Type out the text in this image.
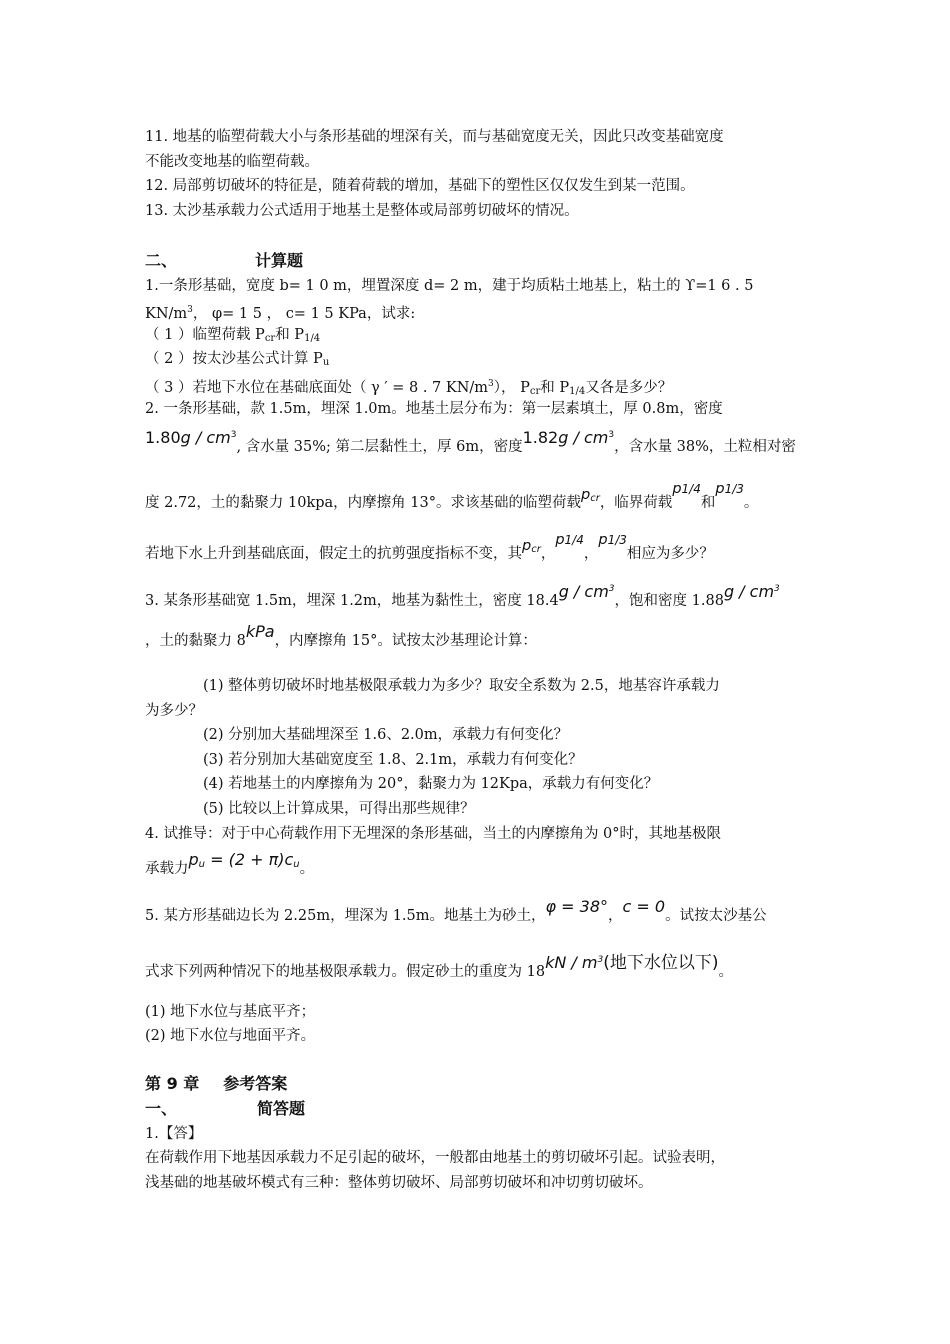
11. 地基的临塑荷载大小与条形基础的埋深有关，而与基础宽度无关，因此只改变基础宽度
不能改变地基的临塑荷载。
12. 局部剪切破坏的特征是，随着荷载的增加，基础下的塑性区仅仅发生到某一范围。
13. 太沙基承载力公式适用于地基土是整体或局部剪切破坏的情况。
二、	计算题
1.一条形基础，宽度 b= 1 0 m，埋置深度 d= 2 m，建于均质粘土地基上，粘土的 ϒ=1 6 . 5
$KN/m^3$， φ= 1 5 ， c= 1 5 KPa，试求:
（ 1 ）临塑荷载 $P_{cr}$和 $P_{1/4}$
（ 2 ）按太沙基公式计算 $P_u$
（ 3 ）若地下水位在基础底面处（ γ ′ = 8 . 7 $KN/m^3$）， $P_{cr}$和 $P_{1/4}$又各是多少？
2. 一条形基础，款 1.5m，埋深 1.0m。地基土层分布为：第一层素填土，厚 0.8m，密度
$1.80g / cm^3$, 含水量 35%; 第二层黏性土，厚 6m，密度$1.82g / cm^3$，含水量 38%，土粒相对密
度 2.72，土的黏聚力 10kpa，内摩擦角 13°。求该基础的临塑荷载$p_{cr}$，临界荷载p1/4和p1/3。
若地下水上升到基础底面，假定土的抗剪强度指标不变，其$p_{cr}$，p1/4，p1/3相应为多少？
3. 某条形基础宽 1.5m，埋深 1.2m，地基为黏性土，密度 $18.4g / cm^3$，饱和密度 $1.88g / cm^3$
，土的黏聚力 8kPa，内摩擦角 15°。试按太沙基理论计算：
(1) 整体剪切破坏时地基极限承载力为多少？取安全系数为 2.5，地基容许承载力
为多少？
(2) 分别加大基础埋深至 1.6、2.0m，承载力有何变化？
(3) 若分别加大基础宽度至 1.8、2.1m，承载力有何变化？
(4) 若地基土的内摩擦角为 20°，黏聚力为 12Kpa，承载力有何变化？
(5) 比较以上计算成果，可得出那些规律？
4. 试推导：对于中心荷载作用下无埋深的条形基础，当土的内摩擦角为 0°时，其地基极限
承载力$p_u = (2 + \pi)c_u$。
5. 某方形基础边长为 2.25m，埋深为 1.5m。地基土为砂土，φ = 38°，c = 0。试按太沙基公
式求下列两种情况下的地基极限承载力。假定砂土的重度为 $18kN / m^3$(地下水位以下)。
(1) 地下水位与基底平齐；
(2) 地下水位与地面平齐。
第 9 章 参考答案
一、	简答题
1.【答】
在荷载作用下地基因承载力不足引起的破坏，一般都由地基土的剪切破坏引起。试验表明，
浅基础的地基破坏模式有三种：整体剪切破坏、局部剪切破坏和冲切剪切破坏。
